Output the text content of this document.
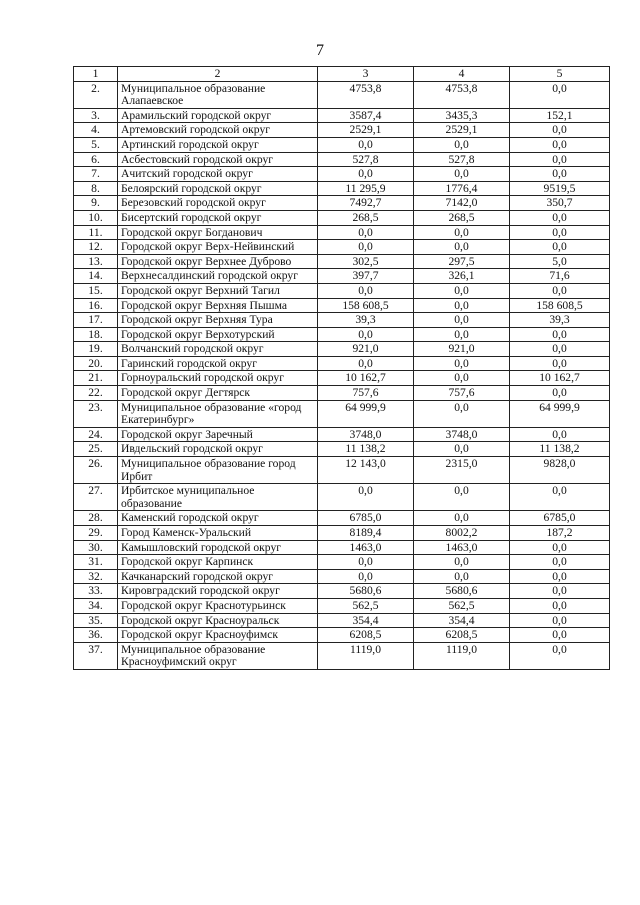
7
1	2	3	4	5
2.	Муниципальное образование Алапаевское	4753,8	4753,8	0,0
3.	Арамильский городской округ	3587,4	3435,3	152,1
4.	Артемовский городской округ	2529,1	2529,1	0,0
5.	Артинский городской округ	0,0	0,0	0,0
6.	Асбестовский городской округ	527,8	527,8	0,0
7.	Ачитский городской округ	0,0	0,0	0,0
8.	Белоярский городской округ	11 295,9	1776,4	9519,5
9.	Березовский городской округ	7492,7	7142,0	350,7
10.	Бисертский городской округ	268,5	268,5	0,0
11.	Городской округ Богданович	0,0	0,0	0,0
12.	Городской округ Верх-Нейвинский	0,0	0,0	0,0
13.	Городской округ Верхнее Дуброво	302,5	297,5	5,0
14.	Верхнесалдинский городской округ	397,7	326,1	71,6
15.	Городской округ Верхний Тагил	0,0	0,0	0,0
16.	Городской округ Верхняя Пышма	158 608,5	0,0	158 608,5
17.	Городской округ Верхняя Тура	39,3	0,0	39,3
18.	Городской округ Верхотурский	0,0	0,0	0,0
19.	Волчанский городской округ	921,0	921,0	0,0
20.	Гаринский городской округ	0,0	0,0	0,0
21.	Горноуральский городской округ	10 162,7	0,0	10 162,7
22.	Городской округ Дегтярск	757,6	757,6	0,0
23.	Муниципальное образование «город Екатеринбург»	64 999,9	0,0	64 999,9
24.	Городской округ Заречный	3748,0	3748,0	0,0
25.	Ивдельский городской округ	11 138,2	0,0	11 138,2
26.	Муниципальное образование город Ирбит	12 143,0	2315,0	9828,0
27.	Ирбитское муниципальное образование	0,0	0,0	0,0
28.	Каменский городской округ	6785,0	0,0	6785,0
29.	Город Каменск-Уральский	8189,4	8002,2	187,2
30.	Камышловский городской округ	1463,0	1463,0	0,0
31.	Городской округ Карпинск	0,0	0,0	0,0
32.	Качканарский городской округ	0,0	0,0	0,0
33.	Кировградский городской округ	5680,6	5680,6	0,0
34.	Городской округ Краснотурьинск	562,5	562,5	0,0
35.	Городской округ Красноуральск	354,4	354,4	0,0
36.	Городской округ Красноуфимск	6208,5	6208,5	0,0
37.	Муниципальное образование Красноуфимский округ	1119,0	1119,0	0,0
